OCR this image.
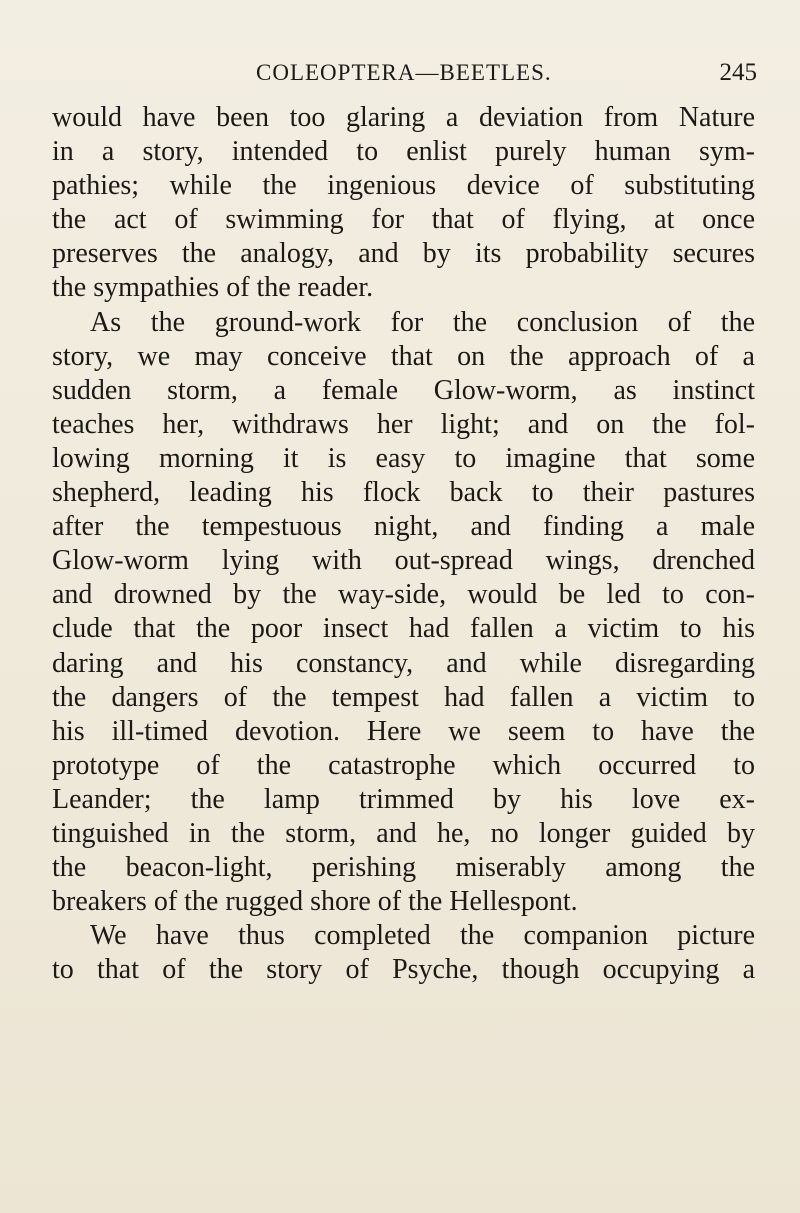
COLEOPTERA—BEETLES.	245
would have been too glaring a deviation from Nature
in a story, intended to enlist purely human sym-
pathies; while the ingenious device of substituting
the act of swimming for that of flying, at once
preserves the analogy, and by its probability secures
the sympathies of the reader.
As the ground-work for the conclusion of the
story, we may conceive that on the approach of a
sudden storm, a female Glow-worm, as instinct
teaches her, withdraws her light; and on the fol-
lowing morning it is easy to imagine that some
shepherd, leading his flock back to their pastures
after the tempestuous night, and finding a male
Glow-worm lying with out-spread wings, drenched
and drowned by the way-side, would be led to con-
clude that the poor insect had fallen a victim to his
daring and his constancy, and while disregarding
the dangers of the tempest had fallen a victim to
his ill-timed devotion. Here we seem to have the
prototype of the catastrophe which occurred to
Leander; the lamp trimmed by his love ex-
tinguished in the storm, and he, no longer guided by
the beacon-light, perishing miserably among the
breakers of the rugged shore of the Hellespont.
We have thus completed the companion picture
to that of the story of Psyche, though occupying a
